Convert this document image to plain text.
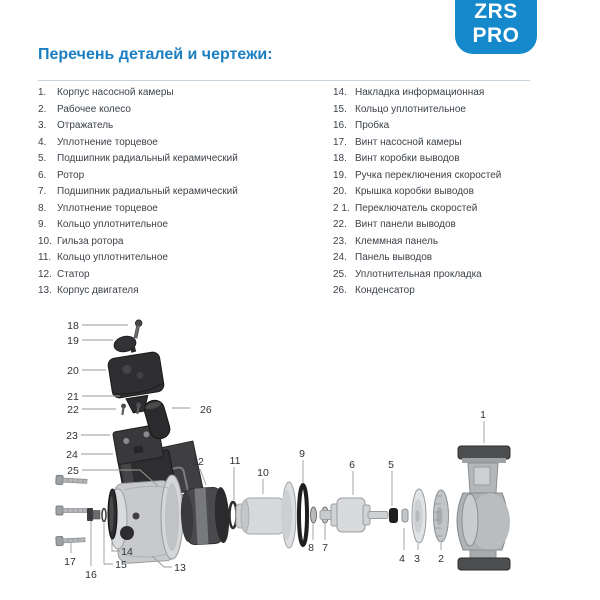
ZRS
PRO
Перечень деталей и чертежи:
1. Корпус насосной камеры
2. Рабочее колесо
3. Отражатель
4. Уплотнение торцевое
5. Подшипник радиальный керамический
6. Ротор
7. Подшипник радиальный керамический
8. Уплотнение торцевое
9. Кольцо уплотнительное
10. Гильза ротора
11. Кольцо уплотнительное
12. Статор
13. Корпус двигателя
14. Накладка информационная
15. Кольцо уплотнительное
16. Пробка
17. Винт насосной камеры
18. Винт коробки выводов
19. Ручка переключения скоростей
20. Крышка коробки выводов
2 1. Переключатель скоростей
22. Винт панели выводов
23. Клеммная панель
24. Панель выводов
25. Уплотнительная прокладка
26. Конденсатор
1
2
3
4
5
6
7
8
9
10
11
12
13
14
15
16
17
18
19
20
21
22
23
24
25
26
